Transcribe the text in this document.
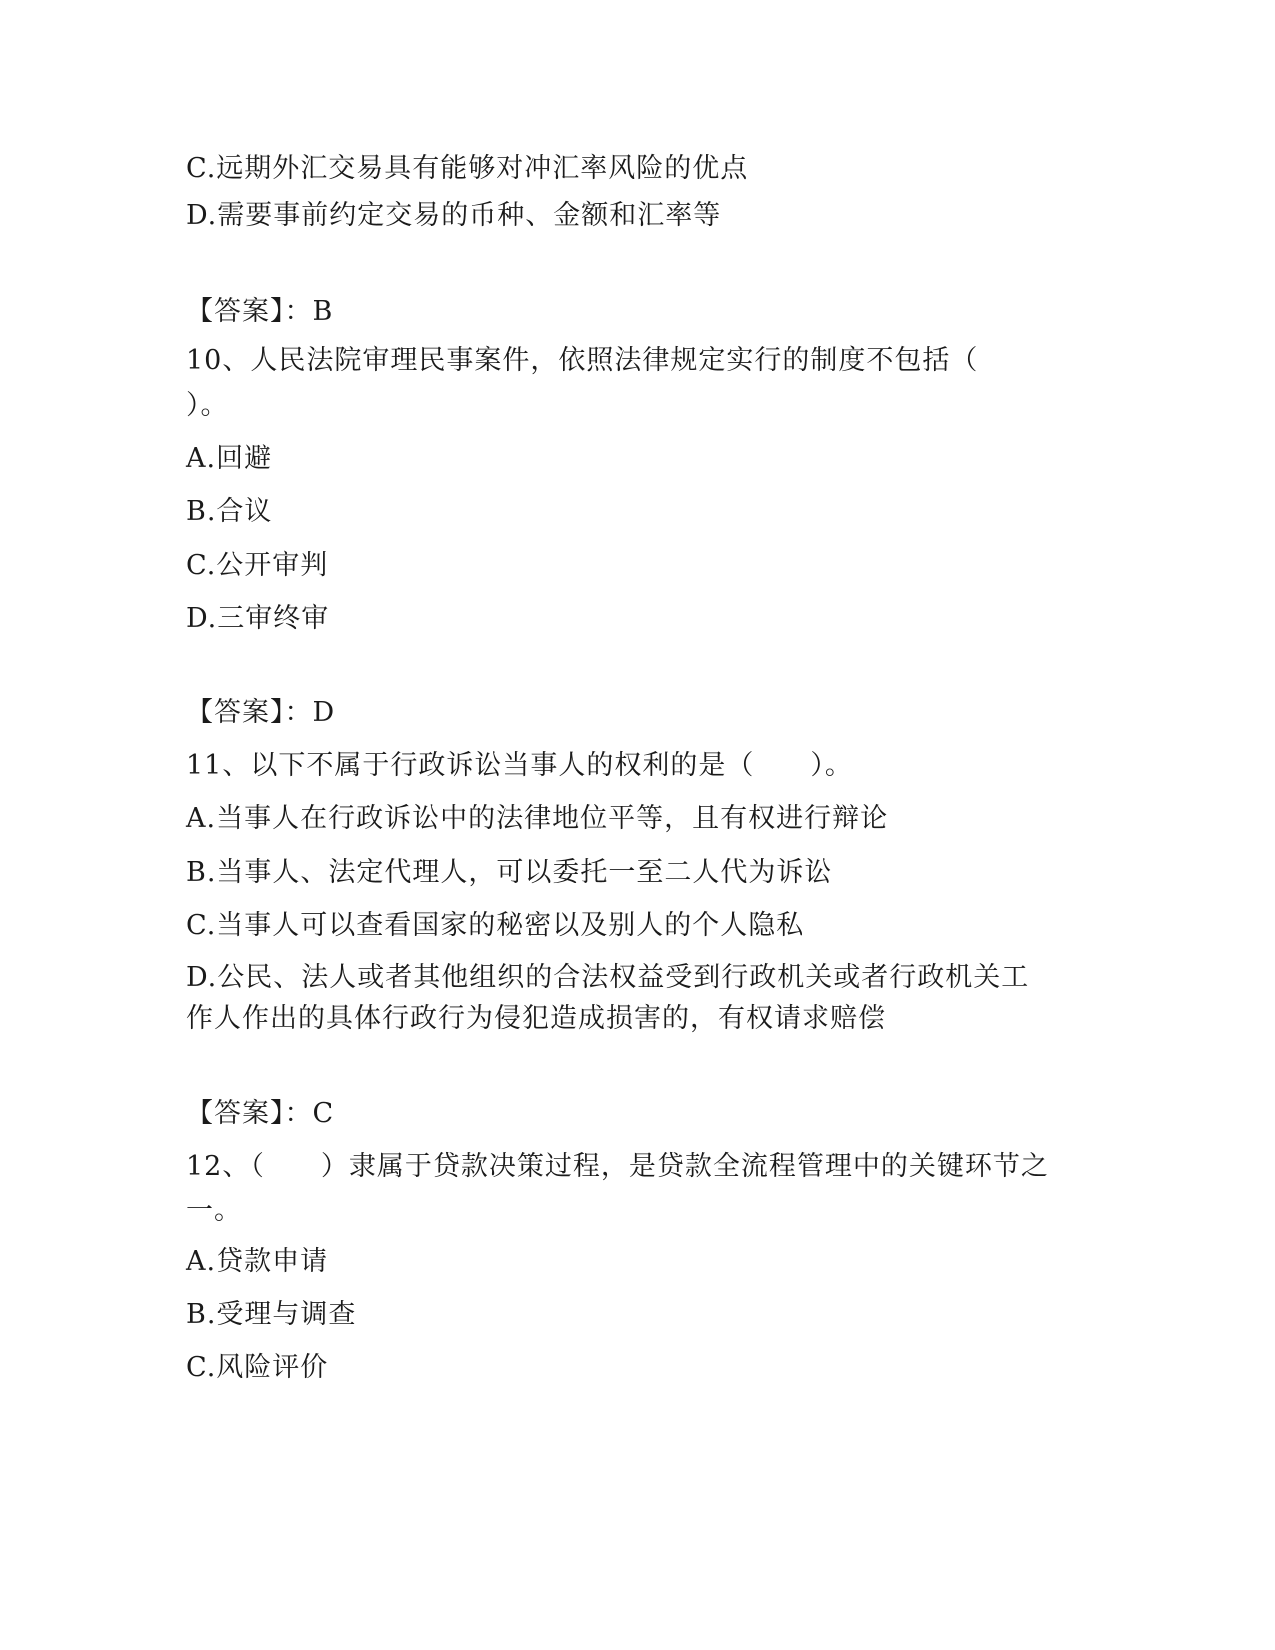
C.远期外汇交易具有能够对冲汇率风险的优点
D.需要事前约定交易的币种、金额和汇率等
【答案】：B
10、人民法院审理民事案件，依照法律规定实行的制度不包括（
）。
A.回避
B.合议
C.公开审判
D.三审终审
【答案】：D
11、以下不属于行政诉讼当事人的权利的是（　　）。
A.当事人在行政诉讼中的法律地位平等，且有权进行辩论
B.当事人、法定代理人，可以委托一至二人代为诉讼
C.当事人可以查看国家的秘密以及别人的个人隐私
D.公民、法人或者其他组织的合法权益受到行政机关或者行政机关工
作人作出的具体行政行为侵犯造成损害的，有权请求赔偿
【答案】：C
12、（　　）隶属于贷款决策过程，是贷款全流程管理中的关键环节之
一。
A.贷款申请
B.受理与调查
C.风险评价
